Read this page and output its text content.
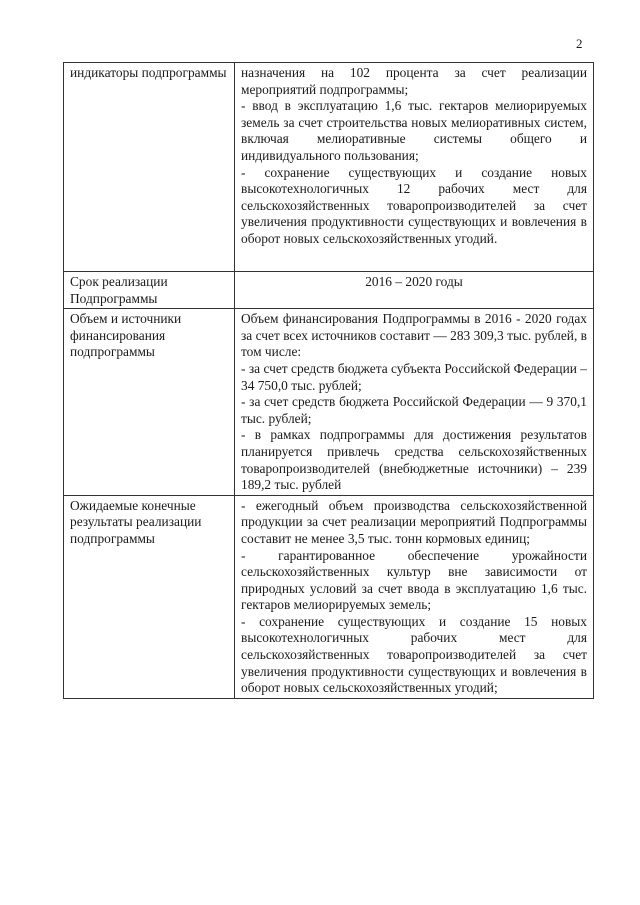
2
индикаторы подпрограммы	назначения на 102 процента за счет реализации мероприятий подпрограммы;

- ввод в эксплуатацию 1,6 тыс. гектаров мелиорируемых земель за счет строительства новых мелиоративных систем, включая мелиоративные системы общего и индивидуального пользования;

- сохранение существующих и создание новых высокотехнологичных 12 рабочих мест для сельскохозяйственных товаропроизводителей за счет увеличения продуктивности существующих и вовлечения в оборот новых сельскохозяйственных угодий.

Срок реализации Подпрограммы	2016 – 2020 годы

Объем и источники финансирования подпрограммы	Объем финансирования Подпрограммы в 2016 - 2020 годах за счет всех источников составит — 283 309,3 тыс. рублей, в том числе:

- за счет средств бюджета субъекта Российской Федерации – 34 750,0 тыс. рублей;

- за счет средств бюджета Российской Федерации — 9 370,1 тыс. рублей;

- в рамках подпрограммы для достижения результатов планируется привлечь средства сельскохозяйственных товаропроизводителей (внебюджетные источники) – 239 189,2 тыс. рублей

Ожидаемые конечные результаты реализации подпрограммы	- ежегодный объем производства сельскохозяйственной продукции за счет реализации мероприятий Подпрограммы составит не менее 3,5 тыс. тонн кормовых единиц;

- гарантированное обеспечение урожайности сельскохозяйственных культур вне зависимости от природных условий за счет ввода в эксплуатацию 1,6 тыс. гектаров мелиорируемых земель;

- сохранение существующих и создание 15 новых высокотехнологичных рабочих мест для сельскохозяйственных товаропроизводителей за счет увеличения продуктивности существующих и вовлечения в оборот новых сельскохозяйственных угодий;
